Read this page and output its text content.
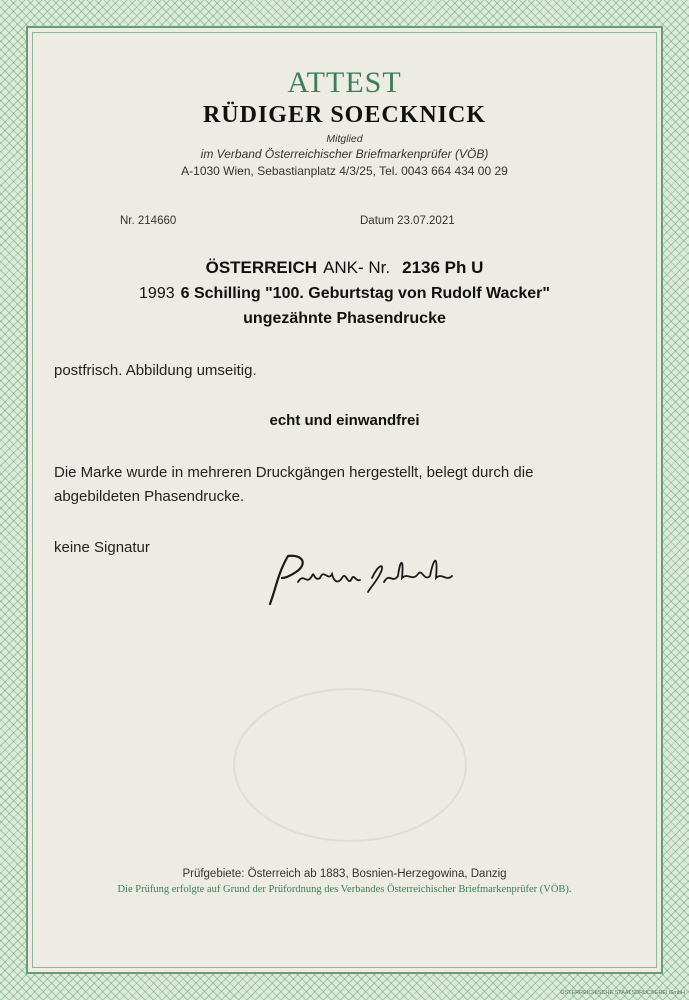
ATTEST
RÜDIGER SOECKNICK
Mitglied
im Verband Österreichischer Briefmarkenprüfer (VÖB)
A-1030 Wien, Sebastianplatz 4/3/25, Tel. 0043 664 434 00 29
Nr. 214660	Datum 23.07.2021
ÖSTERREICH ANK- Nr. 2136 Ph U
1993 6 Schilling "100. Geburtstag von Rudolf Wacker"
ungezähnte Phasendrucke
postfrisch. Abbildung umseitig.
echt und einwandfrei
Die Marke wurde in mehreren Druckgängen hergestellt, belegt durch die abgebildeten Phasendrucke.
keine Signatur
Prüfgebiete: Österreich ab 1883, Bosnien-Herzegowina, Danzig
Die Prüfung erfolgte auf Grund der Prüfordnung des Verbandes Österreichischer Briefmarkenprüfer (VÖB).
ÖSTERREICHISCHE STAATSDRUCKEREI GmbH
